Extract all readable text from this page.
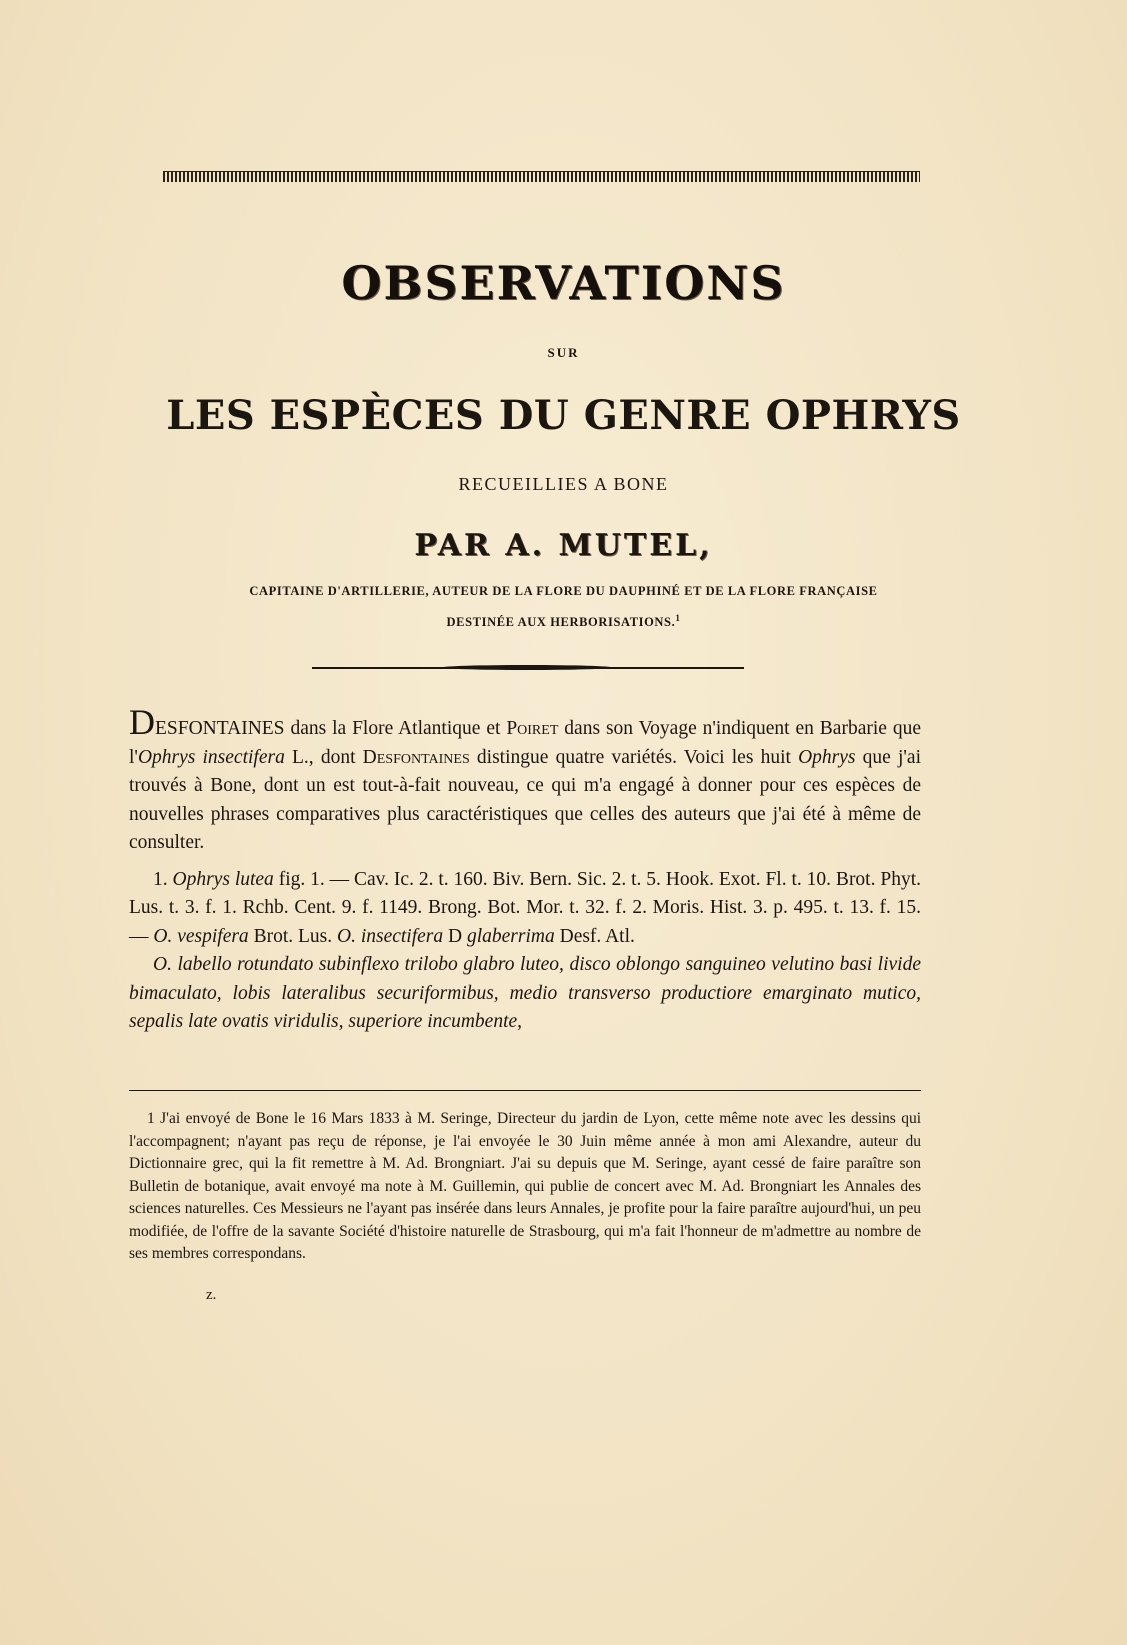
OBSERVATIONS
SUR
LES ESPÈCES DU GENRE OPHRYS
RECUEILLIES A BONE
PAR A. MUTEL,
CAPITAINE D'ARTILLERIE, AUTEUR DE LA FLORE DU DAUPHINÉ ET DE LA FLORE FRANÇAISE
DESTINÉE AUX HERBORISATIONS.$^1$

DESFONTAINES dans la Flore Atlantique et Poiret dans son Voyage n'indiquent en Barbarie que l'Ophrys insectifera L., dont Desfontaines distingue quatre variétés. Voici les huit Ophrys que j'ai trouvés à Bone, dont un est tout-à-fait nouveau, ce qui m'a engagé à donner pour ces espèces de nouvelles phrases comparatives plus caractéristiques que celles des auteurs que j'ai été à même de consulter.

1. Ophrys lutea fig. 1. — Cav. Ic. 2. t. 160. Biv. Bern. Sic. 2. t. 5. Hook. Exot. Fl. t. 10. Brot. Phyt. Lus. t. 3. f. 1. Rchb. Cent. 9. f. 1149. Brong. Bot. Mor. t. 32. f. 2. Moris. Hist. 3. p. 495. t. 13. f. 15. — O. vespifera Brot. Lus. O. insectifera D glaberrima Desf. Atl.

O. labello rotundato subinflexo trilobo glabro luteo, disco oblongo sanguineo velutino basi livide bimaculato, lobis lateralibus securiformibus, medio transverso productiore emarginato mutico, sepalis late ovatis viridulis, superiore incumbente,

1 J'ai envoyé de Bone le 16 Mars 1833 à M. Seringe, Directeur du jardin de Lyon, cette même note avec les dessins qui l'accompagnent; n'ayant pas reçu de réponse, je l'ai envoyée le 30 Juin même année à mon ami Alexandre, auteur du Dictionnaire grec, qui la fit remettre à M. Ad. Brongniart. J'ai su depuis que M. Seringe, ayant cessé de faire paraître son Bulletin de botanique, avait envoyé ma note à M. Guillemin, qui publie de concert avec M. Ad. Brongniart les Annales des sciences naturelles. Ces Messieurs ne l'ayant pas insérée dans leurs Annales, je profite pour la faire paraître aujourd'hui, un peu modifiée, de l'offre de la savante Société d'histoire naturelle de Strasbourg, qui m'a fait l'honneur de m'admettre au nombre de ses membres correspondans.

z.
